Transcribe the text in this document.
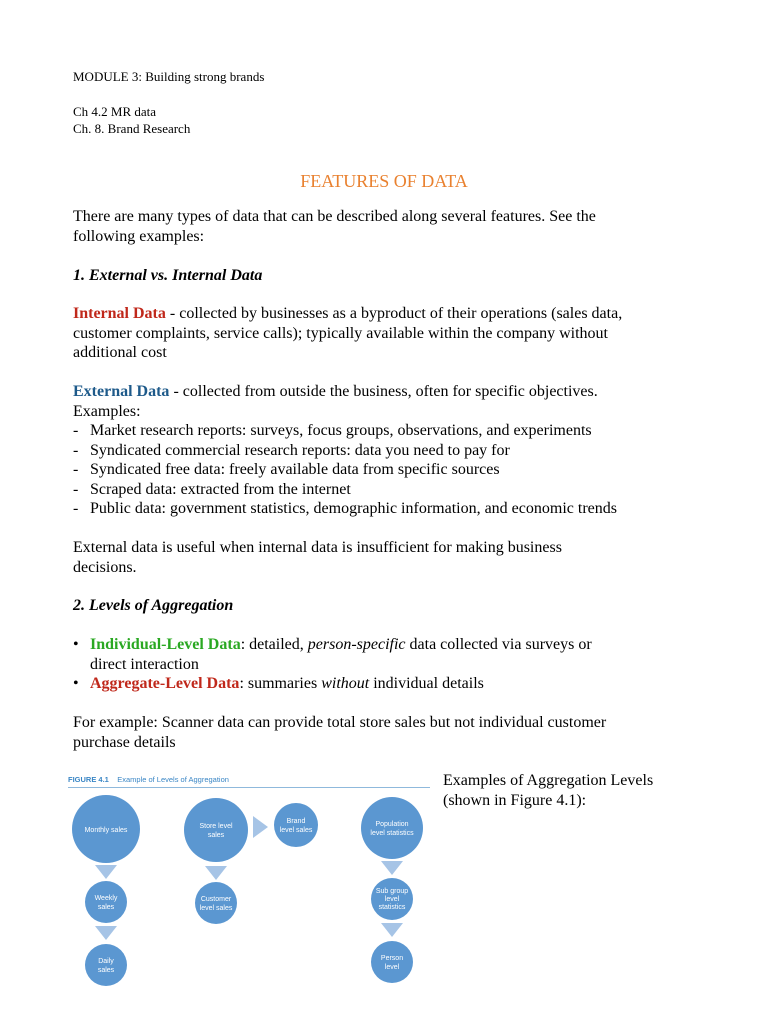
MODULE 3: Building strong brands
Ch 4.2 MR data
Ch. 8. Brand Research
FEATURES OF DATA
There are many types of data that can be described along several features. See the
following examples:
1. External vs. Internal Data
Internal Data - collected by businesses as a byproduct of their operations (sales data,
customer complaints, service calls); typically available within the company without
additional cost
External Data - collected from outside the business, often for specific objectives.
Examples:
- Market research reports: surveys, focus groups, observations, and experiments
- Syndicated commercial research reports: data you need to pay for
- Syndicated free data: freely available data from specific sources
- Scraped data: extracted from the internet
- Public data: government statistics, demographic information, and economic trends
External data is useful when internal data is insufficient for making business
decisions.
2. Levels of Aggregation
• Individual-Level Data: detailed, person-specific data collected via surveys or
direct interaction
• Aggregate-Level Data: summaries without individual details
For example: Scanner data can provide total store sales but not individual customer
purchase details
FIGURE 4.1 Example of Levels of Aggregation
Monthly sales
Weekly
sales
Daily
sales
Store level
sales
Brand
level sales
Customer
level sales
Population
level statistics
Sub group
level
statistics
Person
level
Examples of Aggregation Levels
(shown in Figure 4.1):
